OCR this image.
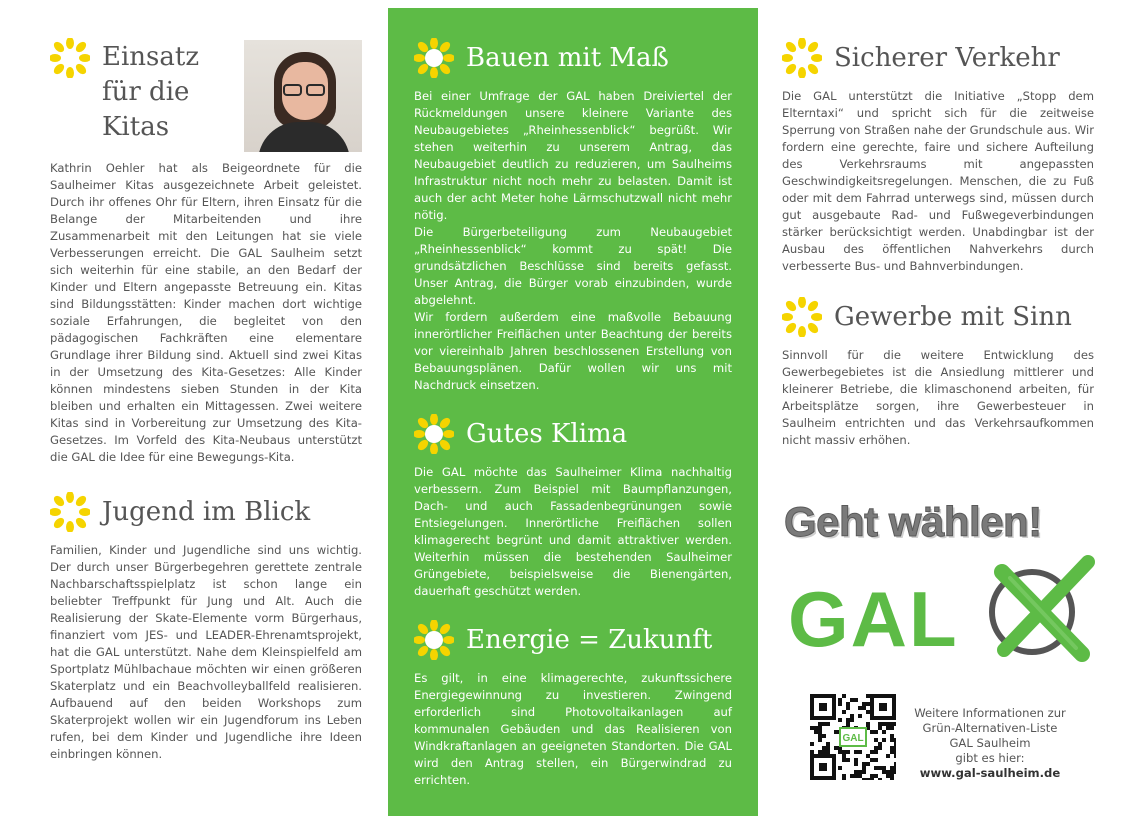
Einsatz
für die
Kitas

Kathrin Oehler hat als Beigeordnete für die Saulheimer Kitas ausgezeichnete Arbeit geleistet. Durch ihr offenes Ohr für Eltern, ihren Einsatz für die Belange der Mitarbeitenden und ihre Zusammenarbeit mit den Leitungen hat sie viele Verbesserungen erreicht. Die GAL Saulheim setzt sich weiterhin für eine stabile, an den Bedarf der Kinder und Eltern angepasste Betreuung ein. Kitas sind Bildungsstätten: Kinder machen dort wichtige soziale Erfahrungen, die begleitet von den pädagogischen Fachkräften eine elementare Grundlage ihrer Bildung sind. Aktuell sind zwei Kitas in der Umsetzung des Kita-Gesetzes: Alle Kinder können mindestens sieben Stunden in der Kita bleiben und erhalten ein Mittagessen. Zwei weitere Kitas sind in Vorbereitung zur Umsetzung des Kita-Gesetzes. Im Vorfeld des Kita-Neubaus unterstützt die GAL die Idee für eine Bewegungs-Kita.

Jugend im Blick

Familien, Kinder und Jugendliche sind uns wichtig. Der durch unser Bürgerbegehren gerettete zentrale Nachbarschaftsspielplatz ist schon lange ein beliebter Treffpunkt für Jung und Alt. Auch die Realisierung der Skate-Elemente vorm Bürgerhaus, finanziert vom JES- und LEADER-Ehrenamtsprojekt, hat die GAL unterstützt. Nahe dem Kleinspielfeld am Sportplatz Mühlbachaue möchten wir einen größeren Skaterplatz und ein Beachvolleyballfeld realisieren. Aufbauend auf den beiden Workshops zum Skaterprojekt wollen wir ein Jugendforum ins Leben rufen, bei dem Kinder und Jugendliche ihre Ideen einbringen können.

Bauen mit Maß

Bei einer Umfrage der GAL haben Dreiviertel der Rückmeldungen unsere kleinere Variante des Neubaugebietes „Rheinhessenblick“ begrüßt. Wir stehen weiterhin zu unserem Antrag, das Neubaugebiet deutlich zu reduzieren, um Saulheims Infrastruktur nicht noch mehr zu belasten. Damit ist auch der acht Meter hohe Lärmschutzwall nicht mehr nötig.

Die Bürgerbeteiligung zum Neubaugebiet „Rheinhessenblick“ kommt zu spät! Die grundsätzlichen Beschlüsse sind bereits gefasst. Unser Antrag, die Bürger vorab einzubinden, wurde abgelehnt.

Wir fordern außerdem eine maßvolle Bebauung innerörtlicher Freiflächen unter Beachtung der bereits vor viereinhalb Jahren beschlossenen Erstellung von Bebauungsplänen. Dafür wollen wir uns mit Nachdruck einsetzen.

Gutes Klima

Die GAL möchte das Saulheimer Klima nachhaltig verbessern. Zum Beispiel mit Baumpflanzungen, Dach- und auch Fassadenbegrünungen sowie Entsiegelungen. Innerörtliche Freiflächen sollen klimagerecht begrünt und damit attraktiver werden. Weiterhin müssen die bestehenden Saulheimer Grüngebiete, beispielsweise die Bienengärten, dauerhaft geschützt werden.

Energie = Zukunft

Es gilt, in eine klimagerechte, zukunftssichere Energiegewinnung zu investieren. Zwingend erforderlich sind Photovoltaikanlagen auf kommunalen Gebäuden und das Realisieren von Windkraftanlagen an geeigneten Standorten. Die GAL wird den Antrag stellen, ein Bürgerwindrad zu errichten.

Sicherer Verkehr

Die GAL unterstützt die Initiative „Stopp dem Elterntaxi“ und spricht sich für die zeitweise Sperrung von Straßen nahe der Grundschule aus. Wir fordern eine gerechte, faire und sichere Aufteilung des Verkehrsraums mit angepassten Geschwindigkeitsregelungen. Menschen, die zu Fuß oder mit dem Fahrrad unterwegs sind, müssen durch gut ausgebaute Rad- und Fußwegeverbindungen stärker berücksichtigt werden. Unabdingbar ist der Ausbau des öffentlichen Nahverkehrs durch verbesserte Bus- und Bahnverbindungen.

Gewerbe mit Sinn

Sinnvoll für die weitere Entwicklung des Gewerbegebietes ist die Ansiedlung mittlerer und kleinerer Betriebe, die klimaschonend arbeiten, für Arbeitsplätze sorgen, ihre Gewerbesteuer in Saulheim entrichten und das Verkehrsaufkommen nicht massiv erhöhen.

Geht wählen!
GAL
GAL
Weitere Informationen zur
Grün-Alternativen-Liste
GAL Saulheim
gibt es hier:
www.gal-saulheim.de
